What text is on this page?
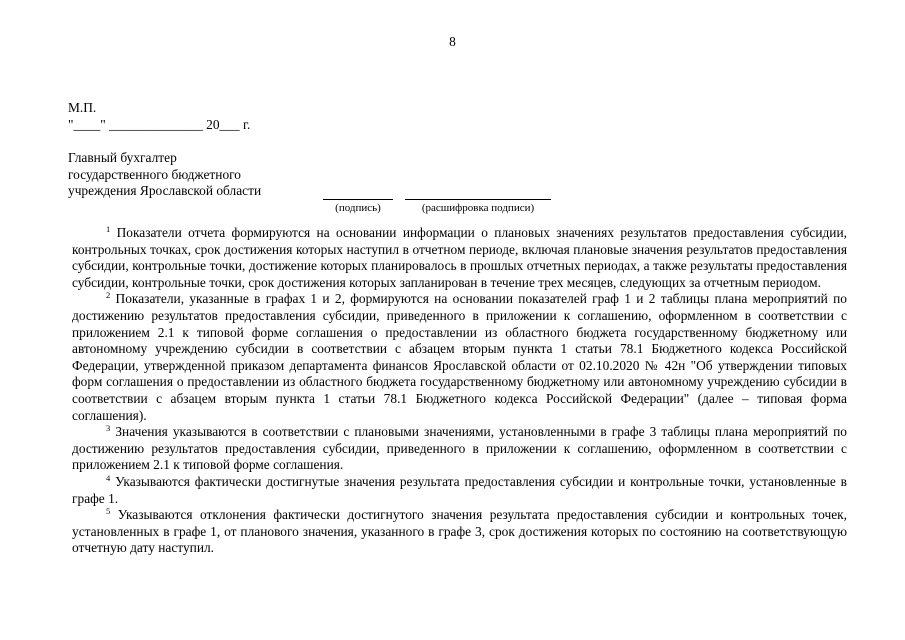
8
М.П.
"____" ______________ 20___ г.
Главный бухгалтер
государственного бюджетного
учреждения Ярославской области
(подпись)	(расшифровка подписи)

$^1$ Показатели отчета формируются на основании информации о плановых значениях результатов предоставления субсидии, контрольных точках, срок достижения которых наступил в отчетном периоде, включая плановые значения результатов предоставления субсидии, контрольные точки, достижение которых планировалось в прошлых отчетных периодах, а также результаты предоставления субсидии, контрольные точки, срок достижения которых запланирован в течение трех месяцев, следующих за отчетным периодом.

$^2$ Показатели, указанные в графах 1 и 2, формируются на основании показателей граф 1 и 2 таблицы плана мероприятий по достижению результатов предоставления субсидии, приведенного в приложении к соглашению, оформленном в соответствии с приложением 2.1 к типовой форме соглашения о предоставлении из областного бюджета государственному бюджетному или автономному учреждению субсидии в соответствии с абзацем вторым пункта 1 статьи 78.1 Бюджетного кодекса Российской Федерации, утвержденной приказом департамента финансов Ярославской области от 02.10.2020 № 42н "Об утверждении типовых форм соглашения о предоставлении из областного бюджета государственному бюджетному или автономному учреждению субсидии в соответствии с абзацем вторым пункта 1 статьи 78.1 Бюджетного кодекса Российской Федерации" (далее – типовая форма соглашения).

$^3$ Значения указываются в соответствии с плановыми значениями, установленными в графе 3 таблицы плана мероприятий по достижению результатов предоставления субсидии, приведенного в приложении к соглашению, оформленном в соответствии с приложением 2.1 к типовой форме соглашения.

$^4$ Указываются фактически достигнутые значения результата предоставления субсидии и контрольные точки, установленные в графе 1.

$^5$ Указываются отклонения фактически достигнутого значения результата предоставления субсидии и контрольных точек, установленных в графе 1, от планового значения, указанного в графе 3, срок достижения которых по состоянию на соответствующую отчетную дату наступил.
